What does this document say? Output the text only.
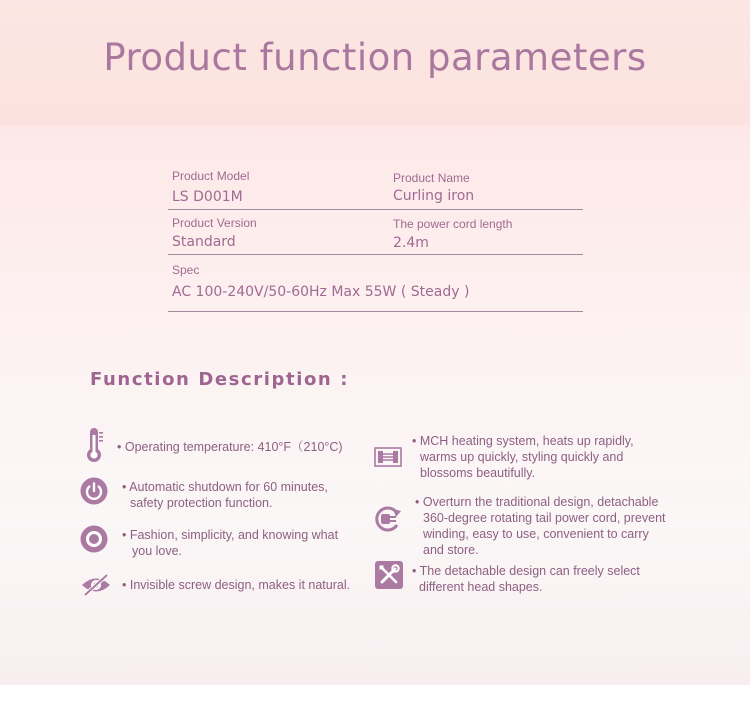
Product function parameters
Product Model
LS D001M
Product Name
Curling iron
Product Version
Standard
The power cord length
2.4m
Spec
AC 100-240V/50-60Hz Max 55W ( Steady )
Function Description :
• Operating temperature: 410°F（210°C)
• Automatic shutdown for 60 minutes,
safety protection function.
• Fashion, simplicity, and knowing what
you love.
• Invisible screw design, makes it natural.
• MCH heating system, heats up rapidly,
warms up quickly, styling quickly and
blossoms beautifully.
• Overturn the traditional design, detachable
360-degree rotating tail power cord, prevent
winding, easy to use, convenient to carry
and store.
• The detachable design can freely select
different head shapes.
